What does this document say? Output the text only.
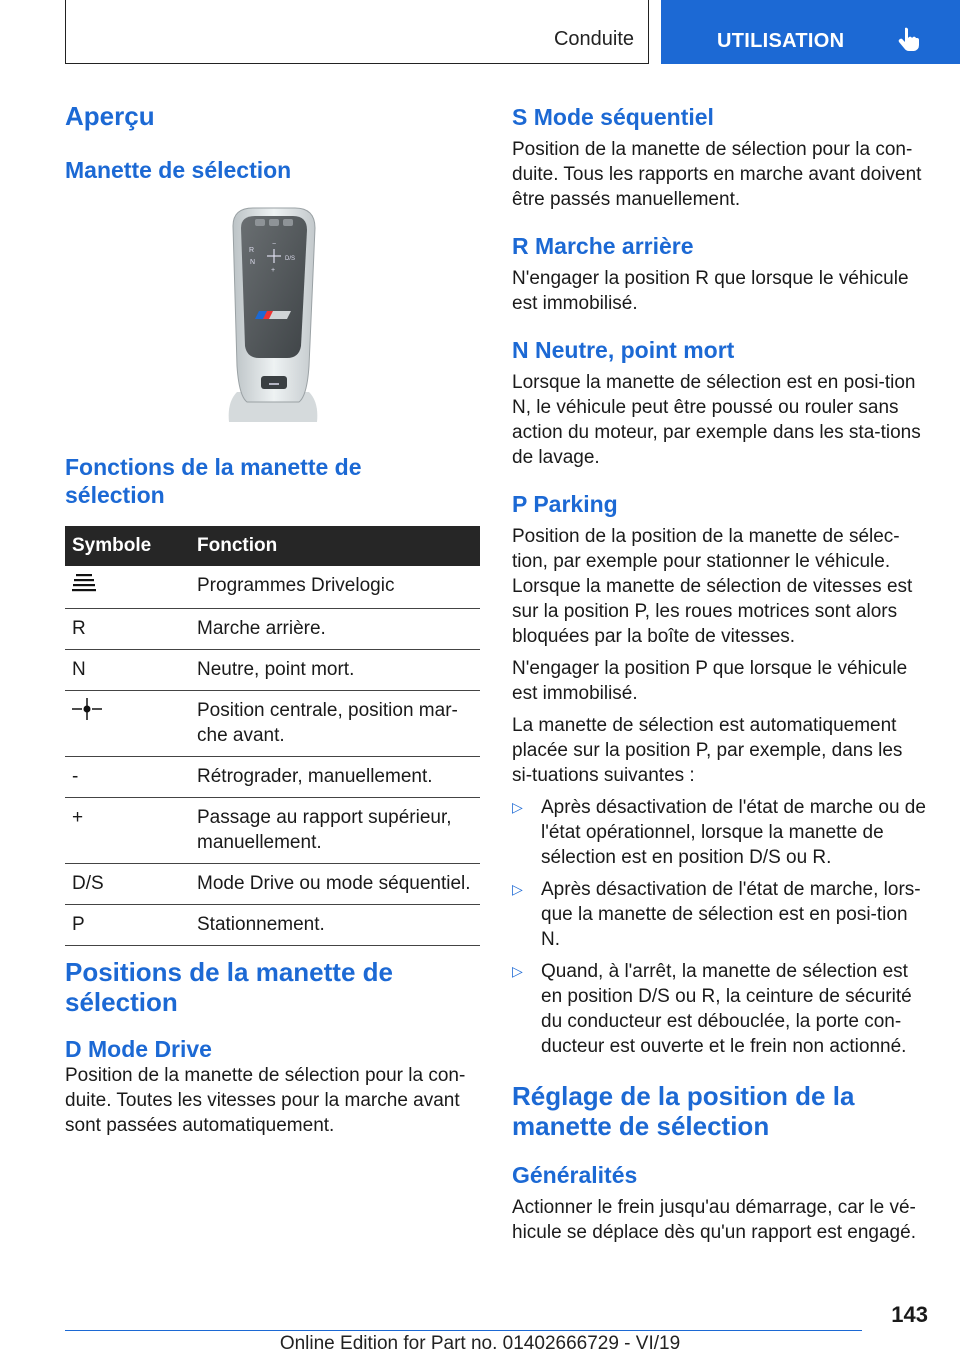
Conduite	UTILISATION
Aperçu
Manette de sélection
R
N	D/S
−
+
Fonctions de la manette de sélection
Symbole	Fonction
	Programmes Drivelogic
R	Marche arrière.
N	Neutre, point mort.
	Position centrale, position mar-che avant.
-	Rétrograder, manuellement.
+	Passage au rapport supérieur, manuellement.
D/S	Mode Drive ou mode séquentiel.
P	Stationnement.
Positions de la manette de sélection
D Mode Drive

Position de la manette de sélection pour la con-duite. Toutes les vitesses pour la marche avant sont passées automatiquement.

S Mode séquentiel

Position de la manette de sélection pour la con-duite. Tous les rapports en marche avant doivent être passés manuellement.

R Marche arrière

N'engager la position R que lorsque le véhicule est immobilisé.

N Neutre, point mort

Lorsque la manette de sélection est en posi-tion N, le véhicule peut être poussé ou rouler sans action du moteur, par exemple dans les sta-tions de lavage.

P Parking

Position de la position de la manette de sélec-tion, par exemple pour stationner le véhicule. Lorsque la manette de sélection de vitesses est sur la position P, les roues motrices sont alors bloquées par la boîte de vitesses.

N'engager la position P que lorsque le véhicule est immobilisé.

La manette de sélection est automatiquement placée sur la position P, par exemple, dans les si-tuations suivantes :

▷ Après désactivation de l'état de marche ou de l'état opérationnel, lorsque la manette de sélection est en position D/S ou R.
▷ Après désactivation de l'état de marche, lors-que la manette de sélection est en posi-tion N.
▷ Quand, à l'arrêt, la manette de sélection est en position D/S ou R, la ceinture de sécurité du conducteur est débouclée, la porte con-ducteur est ouverte et le frein non actionné.
Réglage de la position de la manette de sélection
Généralités

Actionner le frein jusqu'au démarrage, car le vé-hicule se déplace dès qu'un rapport est engagé.

143
Online Edition for Part no. 01402666729 - VI/19
